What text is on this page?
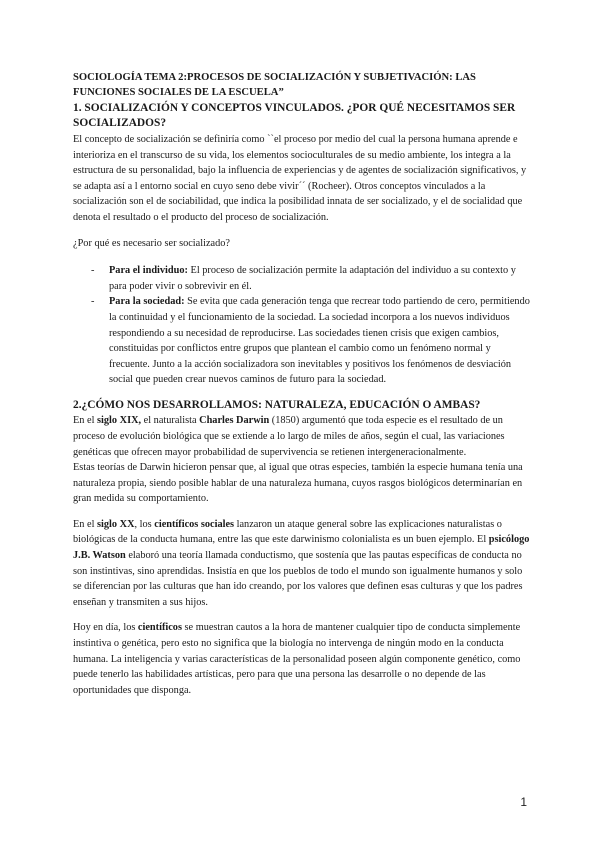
SOCIOLOGÍA TEMA 2:PROCESOS DE SOCIALIZACIÓN Y SUBJETIVACIÓN: LAS FUNCIONES SOCIALES DE LA ESCUELA”
1. SOCIALIZACIÓN Y CONCEPTOS VINCULADOS. ¿POR QUÉ NECESITAMOS SER SOCIALIZADOS?

El concepto de socialización se definiría como ``el proceso por medio del cual la persona humana aprende e interioriza en el transcurso de su vida, los elementos socioculturales de su medio ambiente, los integra a la estructura de su personalidad, bajo la influencia de experiencias y de agentes de socialización significativos, y se adapta así a l entorno social en cuyo seno debe vivir´´ (Rocheer). Otros conceptos vinculados a la socialización son el de sociabilidad, que indica la posibilidad innata de ser socializado, y el de socialidad que denota el resultado o el producto del proceso de socialización.

¿Por qué es necesario ser socializado?

- Para el individuo: El proceso de socialización permite la adaptación del individuo a su contexto y para poder vivir o sobrevivir en él.
- Para la sociedad: Se evita que cada generación tenga que recrear todo partiendo de cero, permitiendo la continuidad y el funcionamiento de la sociedad. La sociedad incorpora a los nuevos individuos respondiendo a su necesidad de reproducirse. Las sociedades tienen crisis que exigen cambios, constituidas por conflictos entre grupos que plantean el cambio como un fenómeno normal y frecuente. Junto a la acción socializadora son inevitables y positivos los fenómenos de desviación social que pueden crear nuevos caminos de futuro para la sociedad.
2.¿CÓMO NOS DESARROLLAMOS: NATURALEZA, EDUCACIÓN O AMBAS?

En el siglo XIX, el naturalista Charles Darwin (1850) argumentó que toda especie es el resultado de un proceso de evolución biológica que se extiende a lo largo de miles de años, según el cual, las variaciones genéticas que ofrecen mayor probabilidad de supervivencia se retienen intergeneracionalmente.

Estas teorías de Darwin hicieron pensar que, al igual que otras especies, también la especie humana tenía una naturaleza propia, siendo posible hablar de una naturaleza humana, cuyos rasgos biológicos determinarían en gran medida su comportamiento.

En el siglo XX, los científicos sociales lanzaron un ataque general sobre las explicaciones naturalistas o biológicas de la conducta humana, entre las que este darwinismo colonialista es un buen ejemplo. El psicólogo J.B. Watson elaboró una teoría llamada conductismo, que sostenía que las pautas específicas de conducta no son instintivas, sino aprendidas. Insistía en que los pueblos de todo el mundo son igualmente humanos y solo se diferencian por las culturas que han ido creando, por los valores que definen esas culturas y que los padres enseñan y transmiten a sus hijos.

Hoy en día, los científicos se muestran cautos a la hora de mantener cualquier tipo de conducta simplemente instintiva o genética, pero esto no significa que la biología no intervenga de ningún modo en la conducta humana. La inteligencia y varias características de la personalidad poseen algún componente genético, como puede tenerlo las habilidades artísticas, pero para que una persona las desarrolle o no depende de las oportunidades que disponga.

1
